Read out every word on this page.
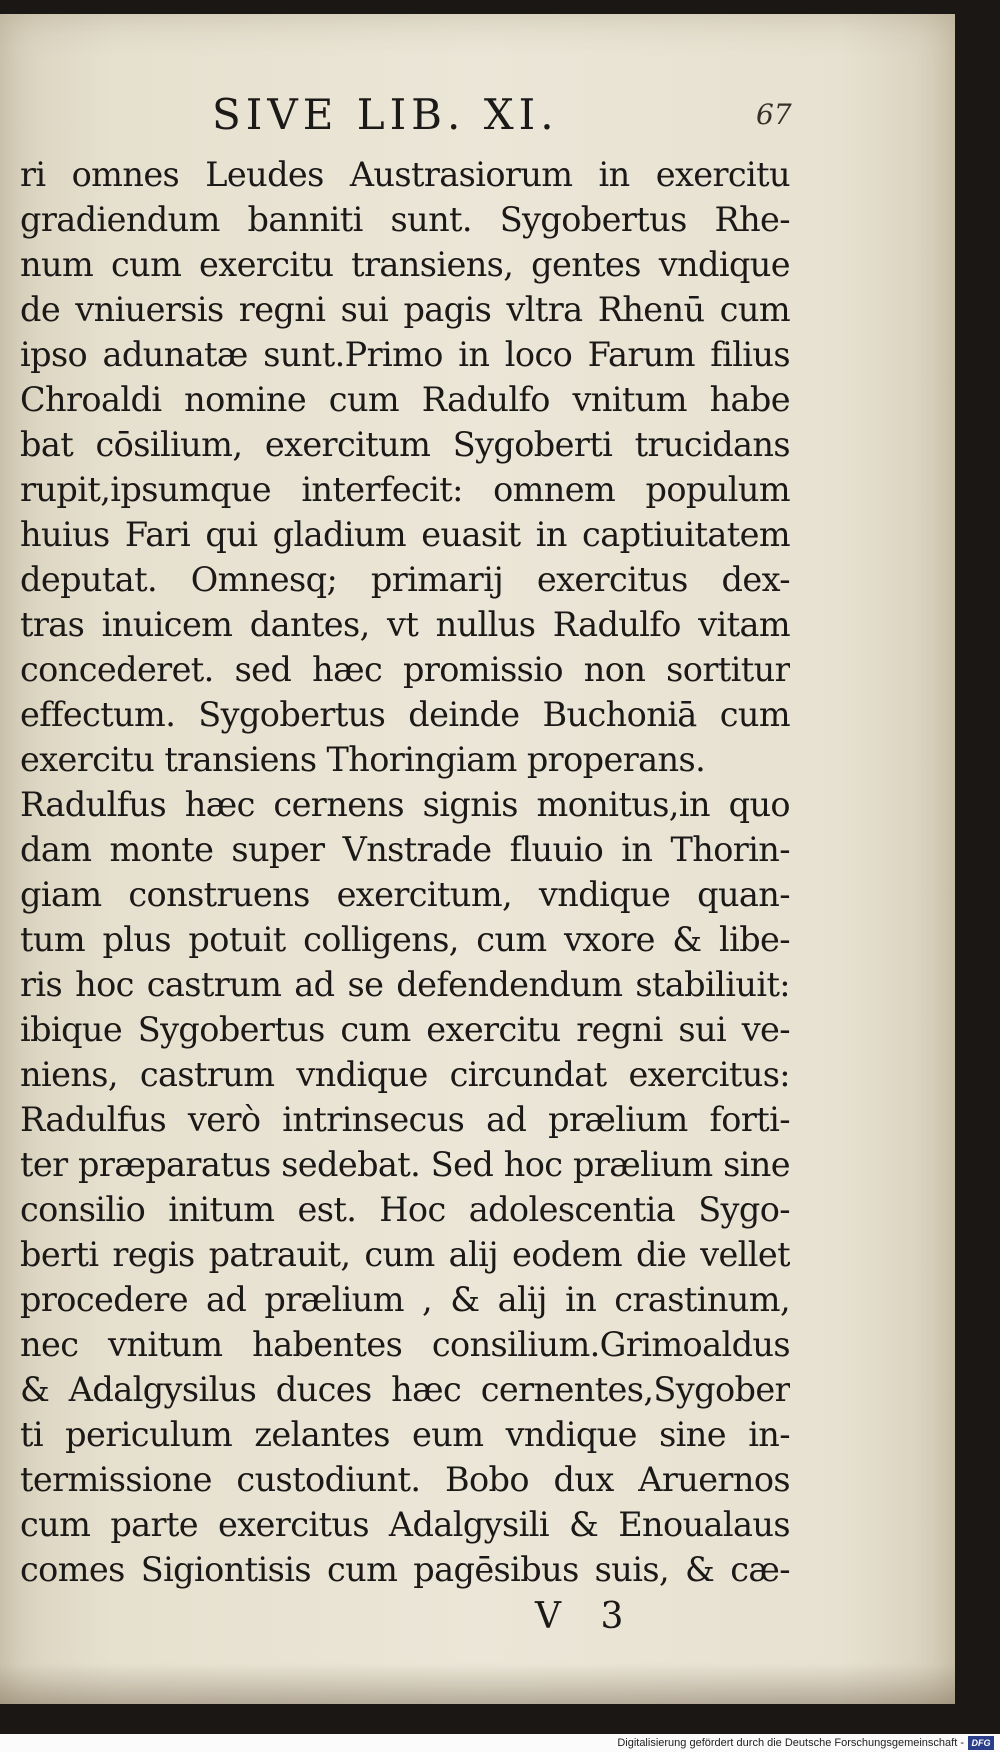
SIVE LIB. XI.	67
ri omnes Leudes Austrasiorum in exercitu
gradiendum banniti sunt. Sygobertus Rhe-
num cum exercitu transiens, gentes vndique
de vniuersis regni sui pagis vltra Rhenū cum
ipso adunatæ sunt.Primo in loco Farum filius
Chroaldi nomine cum Radulfo vnitum habe
bat cōsilium, exercitum Sygoberti trucidans
rupit,ipsumque interfecit: omnem populum
huius Fari qui gladium euasit in captiuitatem
deputat. Omnesq; primarij exercitus dex-
tras inuicem dantes, vt nullus Radulfo vitam
concederet. sed hæc promissio non sortitur
effectum. Sygobertus deinde Buchoniā cum
exercitu transiens Thoringiam properans.
Radulfus hæc cernens signis monitus,in quo
dam monte super Vnstrade fluuio in Thorin-
giam construens exercitum, vndique quan-
tum plus potuit colligens, cum vxore & libe-
ris hoc castrum ad se defendendum stabiliuit:
ibique Sygobertus cum exercitu regni sui ve-
niens, castrum vndique circundat exercitus:
Radulfus verò intrinsecus ad prælium forti-
ter præparatus sedebat. Sed hoc prælium sine
consilio initum est. Hoc adolescentia Sygo-
berti regis patrauit, cum alij eodem die vellet
procedere ad prælium , & alij in crastinum,
nec vnitum habentes consilium.Grimoaldus
& Adalgysilus duces hæc cernentes,Sygober
ti periculum zelantes eum vndique sine in-
termissione custodiunt. Bobo dux Aruernos
cum parte exercitus Adalgysili & Enoualaus
comes Sigiontisis cum pagēsibus suis, & cæ-
V 3
Digitalisierung gefördert durch die Deutsche Forschungsgemeinschaft - DFG
